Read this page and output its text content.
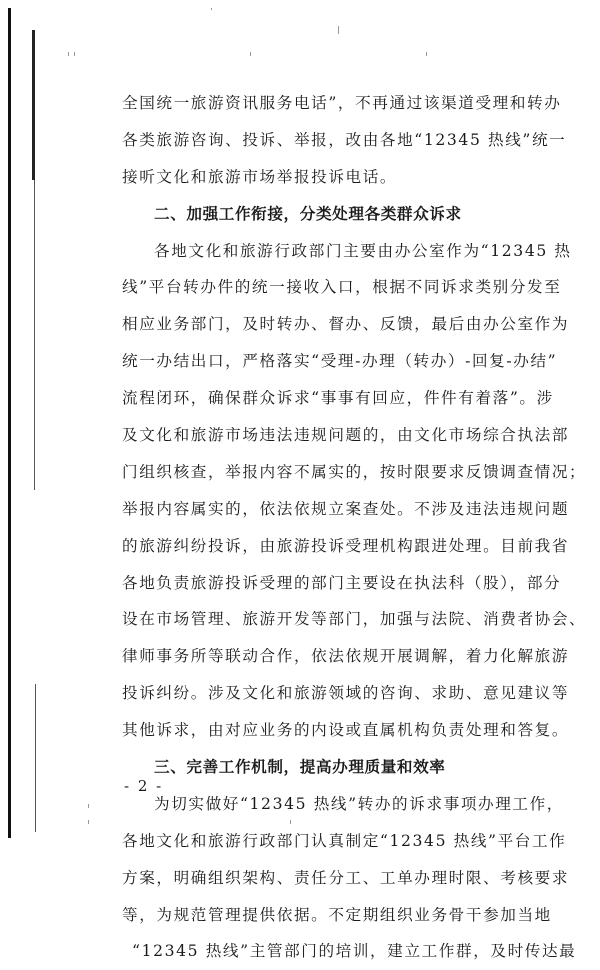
全国统一旅游资讯服务电话”，不再通过该渠道受理和转办
各类旅游咨询、投诉、举报，改由各地“12345 热线”统一
接听文化和旅游市场举报投诉电话。
二、加强工作衔接，分类处理各类群众诉求
各地文化和旅游行政部门主要由办公室作为“12345 热
线”平台转办件的统一接收入口，根据不同诉求类别分发至
相应业务部门，及时转办、督办、反馈，最后由办公室作为
统一办结出口，严格落实“受理-办理（转办）-回复-办结”
流程闭环，确保群众诉求“事事有回应，件件有着落”。涉
及文化和旅游市场违法违规问题的，由文化市场综合执法部
门组织核查，举报内容不属实的，按时限要求反馈调查情况；
举报内容属实的，依法依规立案查处。不涉及违法违规问题
的旅游纠纷投诉，由旅游投诉受理机构跟进处理。目前我省
各地负责旅游投诉受理的部门主要设在执法科（股），部分
设在市场管理、旅游开发等部门，加强与法院、消费者协会、
律师事务所等联动合作，依法依规开展调解，着力化解旅游
投诉纠纷。涉及文化和旅游领域的咨询、求助、意见建议等
其他诉求，由对应业务的内设或直属机构负责处理和答复。
三、完善工作机制，提高办理质量和效率
为切实做好“12345 热线”转办的诉求事项办理工作，
各地文化和旅游行政部门认真制定“12345 热线”平台工作
方案，明确组织架构、责任分工、工单办理时限、考核要求
等，为规范管理提供依据。不定期组织业务骨干参加当地
“12345 热线”主管部门的培训，建立工作群，及时传达最
- 2 -
